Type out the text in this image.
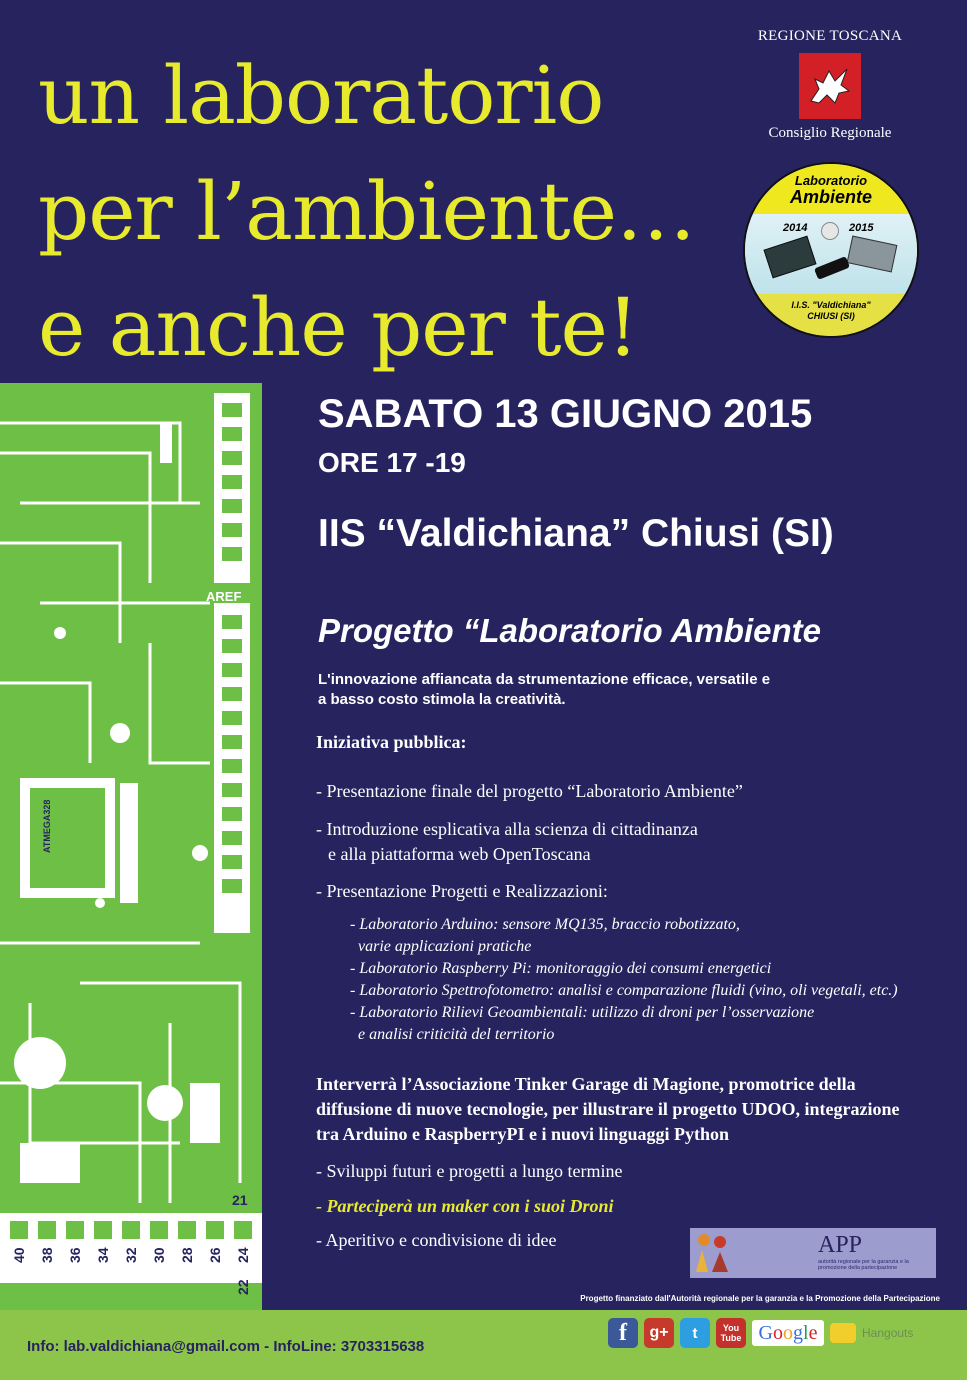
un laboratorio
per l’ambiente…
e anche per te!
REGIONE TOSCANA
Consiglio Regionale
Laboratorio
Ambiente
2014	2015
I.I.S. "Valdichiana"
CHIUSI (SI)
AREF
GND
ATMEGA328
40 38 36 34 32 30 28 26 24
22
21
SABATO 13 GIUGNO 2015
ORE 17 -19
IIS “Valdichiana” Chiusi (SI)
Progetto “Laboratorio Ambiente
L'innovazione affiancata da strumentazione efficace, versatile e
a basso costo stimola la creatività.
Iniziativa pubblica:
- Presentazione finale del progetto “Laboratorio Ambiente”
- Introduzione esplicativa alla scienza di cittadinanza
e alla piattaforma web OpenToscana
- Presentazione Progetti e Realizzazioni:
- Laboratorio Arduino: sensore MQ135, braccio robotizzato,
varie applicazioni pratiche
- Laboratorio Raspberry Pi: monitoraggio dei consumi energetici
- Laboratorio Spettrofotometro: analisi e comparazione fluidi (vino, oli vegetali, etc.)
- Laboratorio Rilievi Geoambientali: utilizzo di droni per l’osservazione
e analisi criticità del territorio
Interverrà l’Associazione Tinker Garage di Magione, promotrice della
diffusione di nuove tecnologie, per illustrare il progetto UDOO, integrazione
tra Arduino e RaspberryPI e i nuovi linguaggi Python
- Sviluppi futuri e progetti a lungo termine
- Parteciperà un maker con i suoi Droni
- Aperitivo e condivisione di idee	APP
autorità regionale per la garanzia e la promozione della partecipazione
Progetto finanziato dall'Autorità regionale per la garanzia e la Promozione della Partecipazione
Info: lab.valdichiana@gmail.com - InfoLine: 3703315638
f	g+	t	You
Tube G o o g l e	Hangouts
